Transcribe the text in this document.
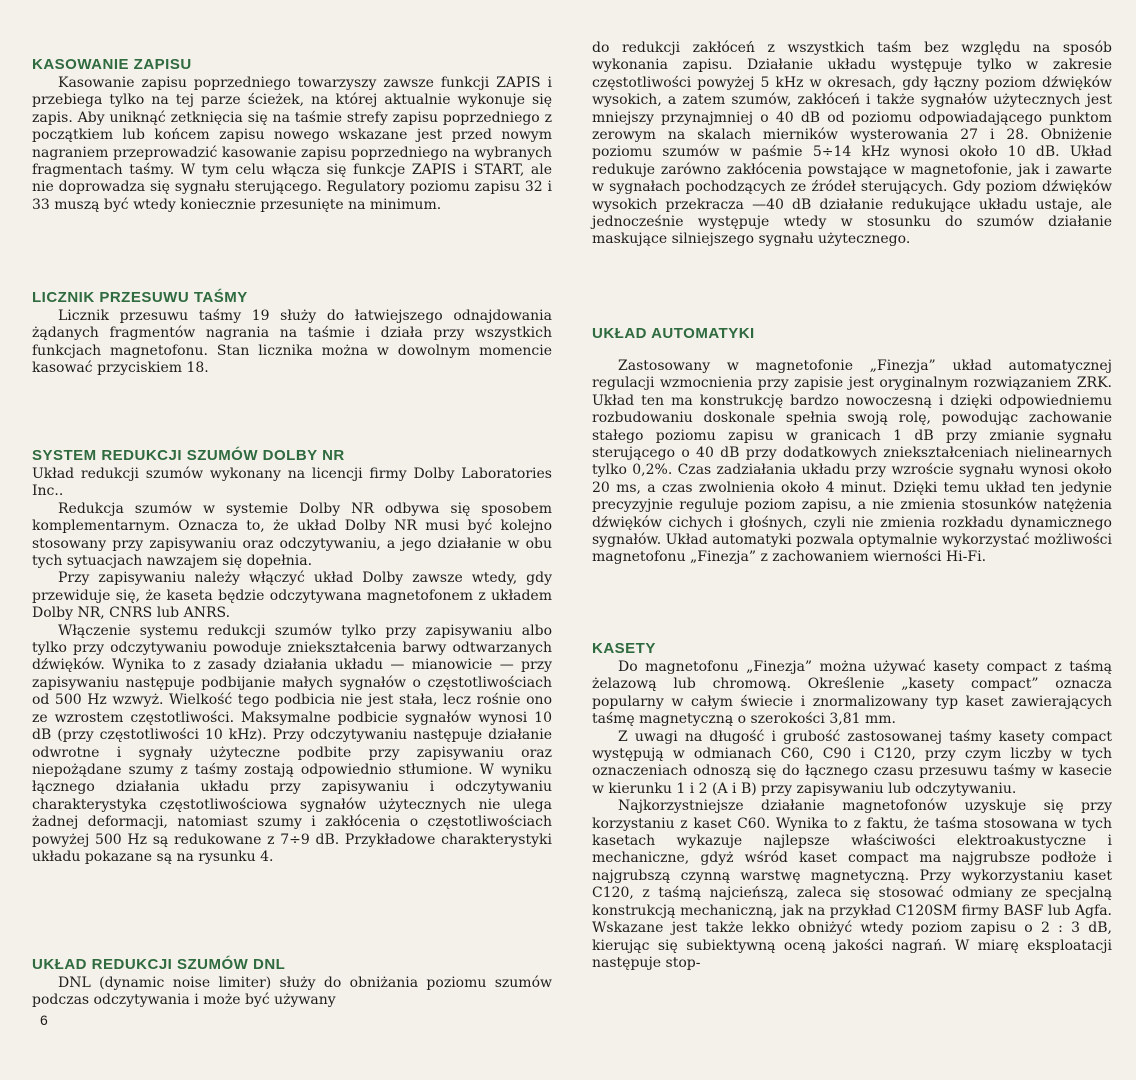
KASOWANIE ZAPISU

Kasowanie zapisu poprzedniego towarzyszy zawsze funkcji ZAPIS i przebiega tylko na tej parze ścieżek, na której aktualnie wykonuje się zapis. Aby uniknąć zetknięcia się na taśmie strefy zapisu poprzedniego z początkiem lub końcem zapisu nowego wskazane jest przed nowym nagraniem przeprowadzić kasowanie zapisu poprzedniego na wybranych fragmentach taśmy. W tym celu włącza się funkcje ZAPIS i START, ale nie doprowadza się sygnału sterującego. Regulatory poziomu zapisu 32 i 33 muszą być wtedy koniecznie przesunięte na minimum.

LICZNIK PRZESUWU TAŚMY

Licznik przesuwu taśmy 19 służy do łatwiejszego odnajdowania żądanych fragmentów nagrania na taśmie i działa przy wszystkich funkcjach magnetofonu. Stan licznika można w dowolnym momencie kasować przyciskiem 18.

SYSTEM REDUKCJI SZUMÓW DOLBY NR

Układ redukcji szumów wykonany na licencji firmy Dolby Laboratories Inc..

Redukcja szumów w systemie Dolby NR odbywa się sposobem komplementarnym. Oznacza to, że układ Dolby NR musi być kolejno stosowany przy zapisywaniu oraz odczytywaniu, a jego działanie w obu tych sytuacjach nawzajem się dopełnia.

Przy zapisywaniu należy włączyć układ Dolby zawsze wtedy, gdy przewiduje się, że kaseta będzie odczytywana magnetofonem z układem Dolby NR, CNRS lub ANRS.

Włączenie systemu redukcji szumów tylko przy zapisywaniu albo tylko przy odczytywaniu powoduje zniekształcenia barwy odtwarzanych dźwięków. Wynika to z zasady działania układu — mianowicie — przy zapisywaniu następuje podbijanie małych sygnałów o częstotliwościach od 500 Hz wzwyż. Wielkość tego podbicia nie jest stała, lecz rośnie ono ze wzrostem częstotliwości. Maksymalne podbicie sygnałów wynosi 10 dB (przy częstotliwości 10 kHz). Przy odczytywaniu następuje działanie odwrotne i sygnały użyteczne podbite przy zapisywaniu oraz niepożądane szumy z taśmy zostają odpowiednio stłumione. W wyniku łącznego działania układu przy zapisywaniu i odczytywaniu charakterystyka częstotliwościowa sygnałów użytecznych nie ulega żadnej deformacji, natomiast szumy i zakłócenia o częstotliwościach powyżej 500 Hz są redukowane z 7÷9 dB. Przykładowe charakterystyki układu pokazane są na rysunku 4.

UKŁAD REDUKCJI SZUMÓW DNL

DNL (dynamic noise limiter) służy do obniżania poziomu szumów podczas odczytywania i może być używany

do redukcji zakłóceń z wszystkich taśm bez względu na sposób wykonania zapisu. Działanie układu występuje tylko w zakresie częstotliwości powyżej 5 kHz w okresach, gdy łączny poziom dźwięków wysokich, a zatem szumów, zakłóceń i także sygnałów użytecznych jest mniejszy przynajmniej o 40 dB od poziomu odpowiadającego punktom zerowym na skalach mierników wysterowania 27 i 28. Obniżenie poziomu szumów w paśmie 5÷14 kHz wynosi około 10 dB. Układ redukuje zarówno zakłócenia powstające w magnetofonie, jak i zawarte w sygnałach pochodzących ze źródeł sterujących. Gdy poziom dźwięków wysokich przekracza —40 dB działanie redukujące układu ustaje, ale jednocześnie występuje wtedy w stosunku do szumów działanie maskujące silniejszego sygnału użytecznego.

UKŁAD AUTOMATYKI

Zastosowany w magnetofonie „Finezja” układ automatycznej regulacji wzmocnienia przy zapisie jest oryginalnym rozwiązaniem ZRK. Układ ten ma konstrukcję bardzo nowoczesną i dzięki odpowiedniemu rozbudowaniu doskonale spełnia swoją rolę, powodując zachowanie stałego poziomu zapisu w granicach 1 dB przy zmianie sygnału sterującego o 40 dB przy dodatkowych zniekształceniach nielinearnych tylko 0,2%. Czas zadziałania układu przy wzroście sygnału wynosi około 20 ms, a czas zwolnienia około 4 minut. Dzięki temu układ ten jedynie precyzyjnie reguluje poziom zapisu, a nie zmienia stosunków natężenia dźwięków cichych i głośnych, czyli nie zmienia rozkładu dynamicznego sygnałów. Układ automatyki pozwala optymalnie wykorzystać możliwości magnetofonu „Finezja” z zachowaniem wierności Hi-Fi.

KASETY

Do magnetofonu „Finezja” można używać kasety compact z taśmą żelazową lub chromową. Określenie „kasety compact” oznacza popularny w całym świecie i znormalizowany typ kaset zawierających taśmę magnetyczną o szerokości 3,81 mm.

Z uwagi na długość i grubość zastosowanej taśmy kasety compact występują w odmianach C60, C90 i C120, przy czym liczby w tych oznaczeniach odnoszą się do łącznego czasu przesuwu taśmy w kasecie w kierunku 1 i 2 (A i B) przy zapisywaniu lub odczytywaniu.

Najkorzystniejsze działanie magnetofonów uzyskuje się przy korzystaniu z kaset C60. Wynika to z faktu, że taśma stosowana w tych kasetach wykazuje najlepsze właściwości elektroakustyczne i mechaniczne, gdyż wśród kaset compact ma najgrubsze podłoże i najgrubszą czynną warstwę magnetyczną. Przy wykorzystaniu kaset C120, z taśmą najcieńszą, zaleca się stosować odmiany ze specjalną konstrukcją mechaniczną, jak na przykład C120SM firmy BASF lub Agfa. Wskazane jest także lekko obniżyć wtedy poziom zapisu o 2 : 3 dB, kierując się subiektywną oceną jakości nagrań. W miarę eksploatacji następuje stop-

6
